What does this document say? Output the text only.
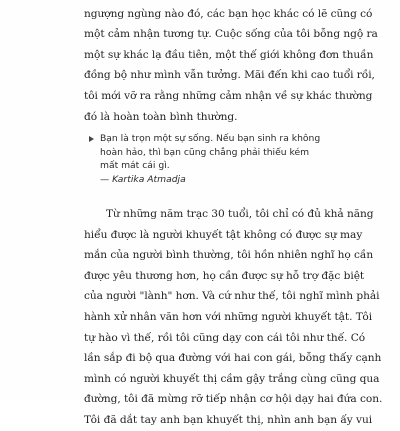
ngượng ngùng nào đó, các bạn học khác có lẽ cũng có
một cảm nhận tương tự. Cuộc sống của tôi bỗng ngộ ra
một sự khác lạ đầu tiên, một thế giới không đơn thuần
đồng bộ như mình vẫn tưởng. Mãi đến khi cao tuổi rồi,
tôi mới vỡ ra rằng những cảm nhận về sự khác thường
đó là hoàn toàn bình thường.

Bạn là trọn một sự sống. Nếu bạn sinh ra không
hoàn hảo, thì bạn cũng chẳng phải thiếu kém
mất mát cái gì.
— Kartika Atmadja

Từ những năm trạc 30 tuổi, tôi chỉ có đủ khả năng
hiểu được là người khuyết tật không có được sự may
mắn của người bình thường, tôi hồn nhiên nghĩ họ cần
được yêu thương hơn, họ cần được sự hỗ trợ đặc biệt
của người "lành" hơn. Và cứ như thế, tôi nghĩ mình phải
hành xử nhân văn hơn với những người khuyết tật. Tôi
tự hào vì thế, rồi tôi cũng dạy con cái tôi như thế. Có
lần sắp đi bộ qua đường với hai con gái, bỗng thấy cạnh
mình có người khuyết thị cầm gậy trắng cùng cũng qua
đường, tôi đã mừng rỡ tiếp nhận cơ hội dạy hai đứa con.
Tôi đã dắt tay anh bạn khuyết thị, nhìn anh bạn ấy vui
